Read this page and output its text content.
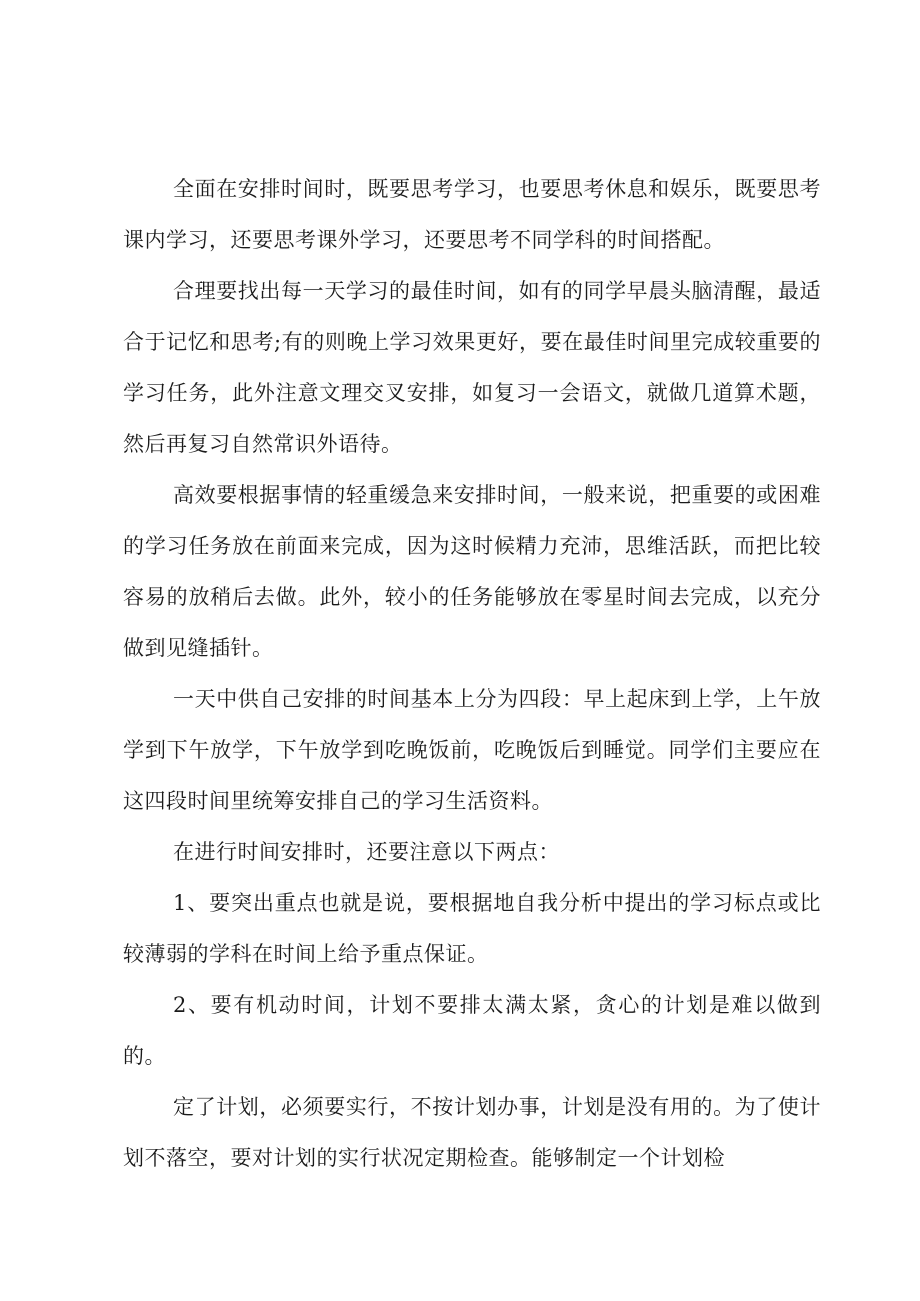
全面在安排时间时，既要思考学习，也要思考休息和娱乐，既要思考课内学习，还要思考课外学习，还要思考不同学科的时间搭配。

合理要找出每一天学习的最佳时间，如有的同学早晨头脑清醒，最适合于记忆和思考;有的则晚上学习效果更好，要在最佳时间里完成较重要的学习任务，此外注意文理交叉安排，如复习一会语文，就做几道算术题，然后再复习自然常识外语待。

高效要根据事情的轻重缓急来安排时间，一般来说，把重要的或困难的学习任务放在前面来完成，因为这时候精力充沛，思维活跃，而把比较容易的放稍后去做。此外，较小的任务能够放在零星时间去完成，以充分做到见缝插针。

一天中供自己安排的时间基本上分为四段：早上起床到上学，上午放学到下午放学，下午放学到吃晚饭前，吃晚饭后到睡觉。同学们主要应在这四段时间里统筹安排自己的学习生活资料。

在进行时间安排时，还要注意以下两点：

1、要突出重点也就是说，要根据地自我分析中提出的学习标点或比较薄弱的学科在时间上给予重点保证。

2、要有机动时间，计划不要排太满太紧，贪心的计划是难以做到的。

定了计划，必须要实行，不按计划办事，计划是没有用的。为了使计划不落空，要对计划的实行状况定期检查。能够制定一个计划检
